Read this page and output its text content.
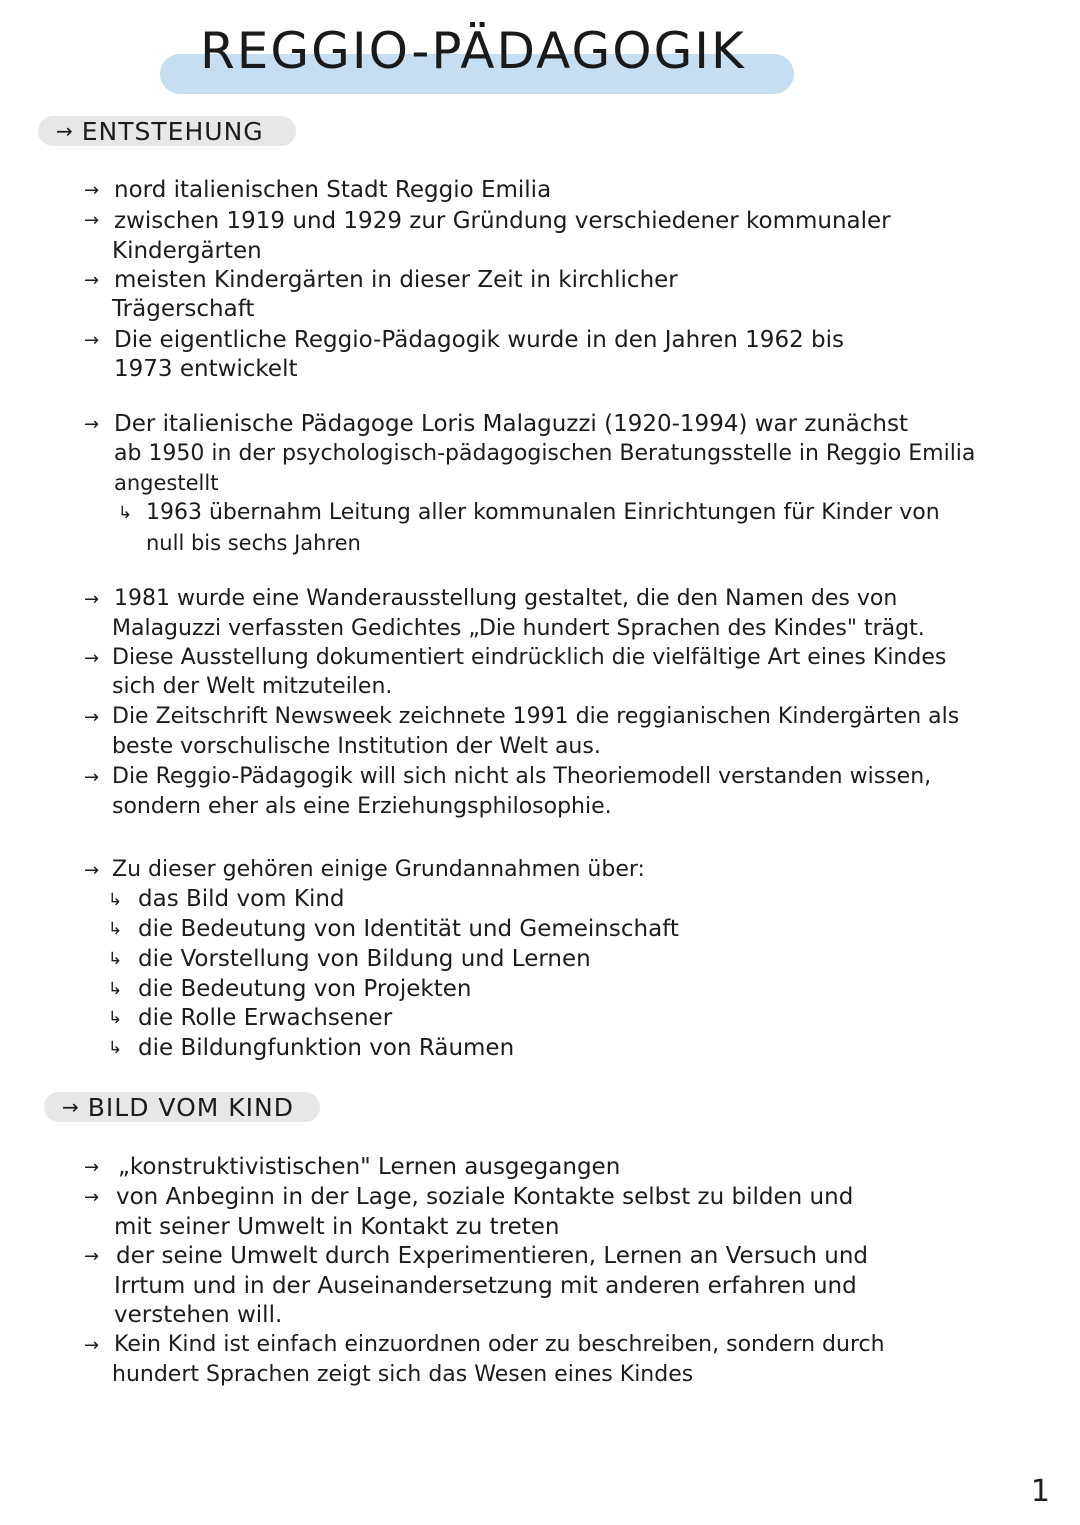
REGGIO-PÄDAGOGIK
→ ENTSTEHUNG
→ nord italienischen Stadt Reggio Emilia
→ zwischen 1919 und 1929 zur Gründung verschiedener kommunaler
Kindergärten
→ meisten Kindergärten in dieser Zeit in kirchlicher
Trägerschaft
→ Die eigentliche Reggio-Pädagogik wurde in den Jahren 1962 bis
1973 entwickelt
→ Der italienische Pädagoge Loris Malaguzzi (1920-1994) war zunächst
ab 1950 in der psychologisch-pädagogischen Beratungsstelle in Reggio Emilia
angestellt
↳ 1963 übernahm Leitung aller kommunalen Einrichtungen für Kinder von
null bis sechs Jahren
→ 1981 wurde eine Wanderausstellung gestaltet, die den Namen des von
Malaguzzi verfassten Gedichtes „Die hundert Sprachen des Kindes" trägt.
→ Diese Ausstellung dokumentiert eindrücklich die vielfältige Art eines Kindes
sich der Welt mitzuteilen.
→ Die Zeitschrift Newsweek zeichnete 1991 die reggianischen Kindergärten als
beste vorschulische Institution der Welt aus.
→ Die Reggio-Pädagogik will sich nicht als Theoriemodell verstanden wissen,
sondern eher als eine Erziehungsphilosophie.
→ Zu dieser gehören einige Grundannahmen über:
↳ das Bild vom Kind
↳ die Bedeutung von Identität und Gemeinschaft
↳ die Vorstellung von Bildung und Lernen
↳ die Bedeutung von Projekten
↳ die Rolle Erwachsener
↳ die Bildungfunktion von Räumen
→ BILD VOM KIND
→ „konstruktivistischen" Lernen ausgegangen
→ von Anbeginn in der Lage, soziale Kontakte selbst zu bilden und
mit seiner Umwelt in Kontakt zu treten
→ der seine Umwelt durch Experimentieren, Lernen an Versuch und
Irrtum und in der Auseinandersetzung mit anderen erfahren und
verstehen will.
→ Kein Kind ist einfach einzuordnen oder zu beschreiben, sondern durch
hundert Sprachen zeigt sich das Wesen eines Kindes
1
